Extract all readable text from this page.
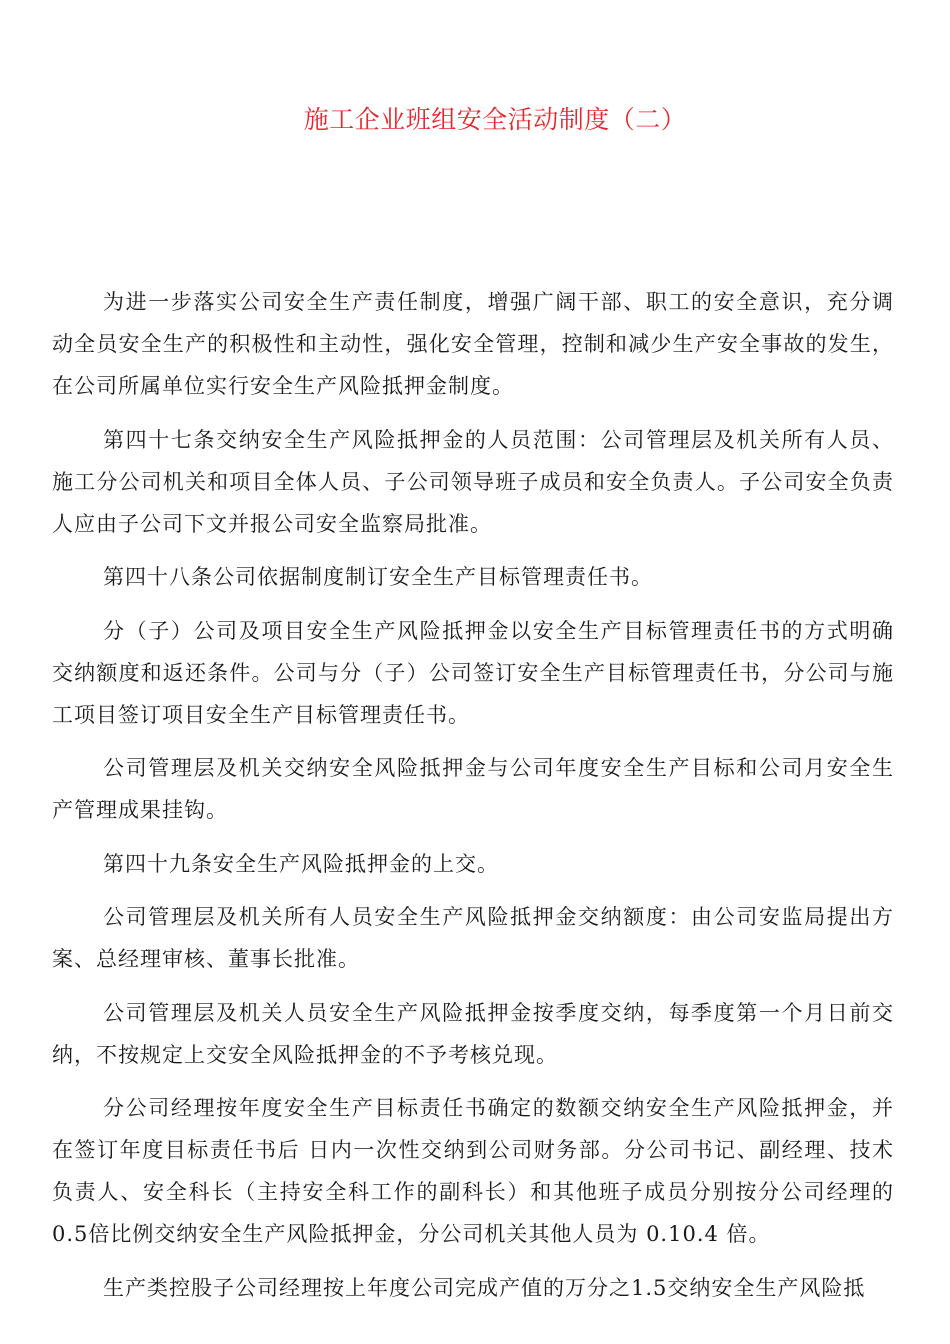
施工企业班组安全活动制度（二）

为进一步落实公司安全生产责任制度，增强广阔干部、职工的安全意识，充分调动全员安全生产的积极性和主动性，强化安全管理，控制和减少生产安全事故的发生，在公司所属单位实行安全生产风险抵押金制度。

第四十七条交纳安全生产风险抵押金的人员范围：公司管理层及机关所有人员、施工分公司机关和项目全体人员、子公司领导班子成员和安全负责人。子公司安全负责人应由子公司下文并报公司安全监察局批准。

第四十八条公司依据制度制订安全生产目标管理责任书。

分（子）公司及项目安全生产风险抵押金以安全生产目标管理责任书的方式明确交纳额度和返还条件。公司与分（子）公司签订安全生产目标管理责任书，分公司与施工项目签订项目安全生产目标管理责任书。

公司管理层及机关交纳安全风险抵押金与公司年度安全生产目标和公司月安全生产管理成果挂钩。

第四十九条安全生产风险抵押金的上交。

公司管理层及机关所有人员安全生产风险抵押金交纳额度：由公司安监局提出方案、总经理审核、董事长批准。

公司管理层及机关人员安全生产风险抵押金按季度交纳，每季度第一个月日前交纳，不按规定上交安全风险抵押金的不予考核兑现。

分公司经理按年度安全生产目标责任书确定的数额交纳安全生产风险抵押金，并在签订年度目标责任书后 日内一次性交纳到公司财务部。分公司书记、副经理、技术负责人、安全科长（主持安全科工作的副科长）和其他班子成员分别按分公司经理的0.5倍比例交纳安全生产风险抵押金，分公司机关其他人员为 0.10.4 倍。

生产类控股子公司经理按上年度公司完成产值的万分之1.5交纳安全生产风险抵
